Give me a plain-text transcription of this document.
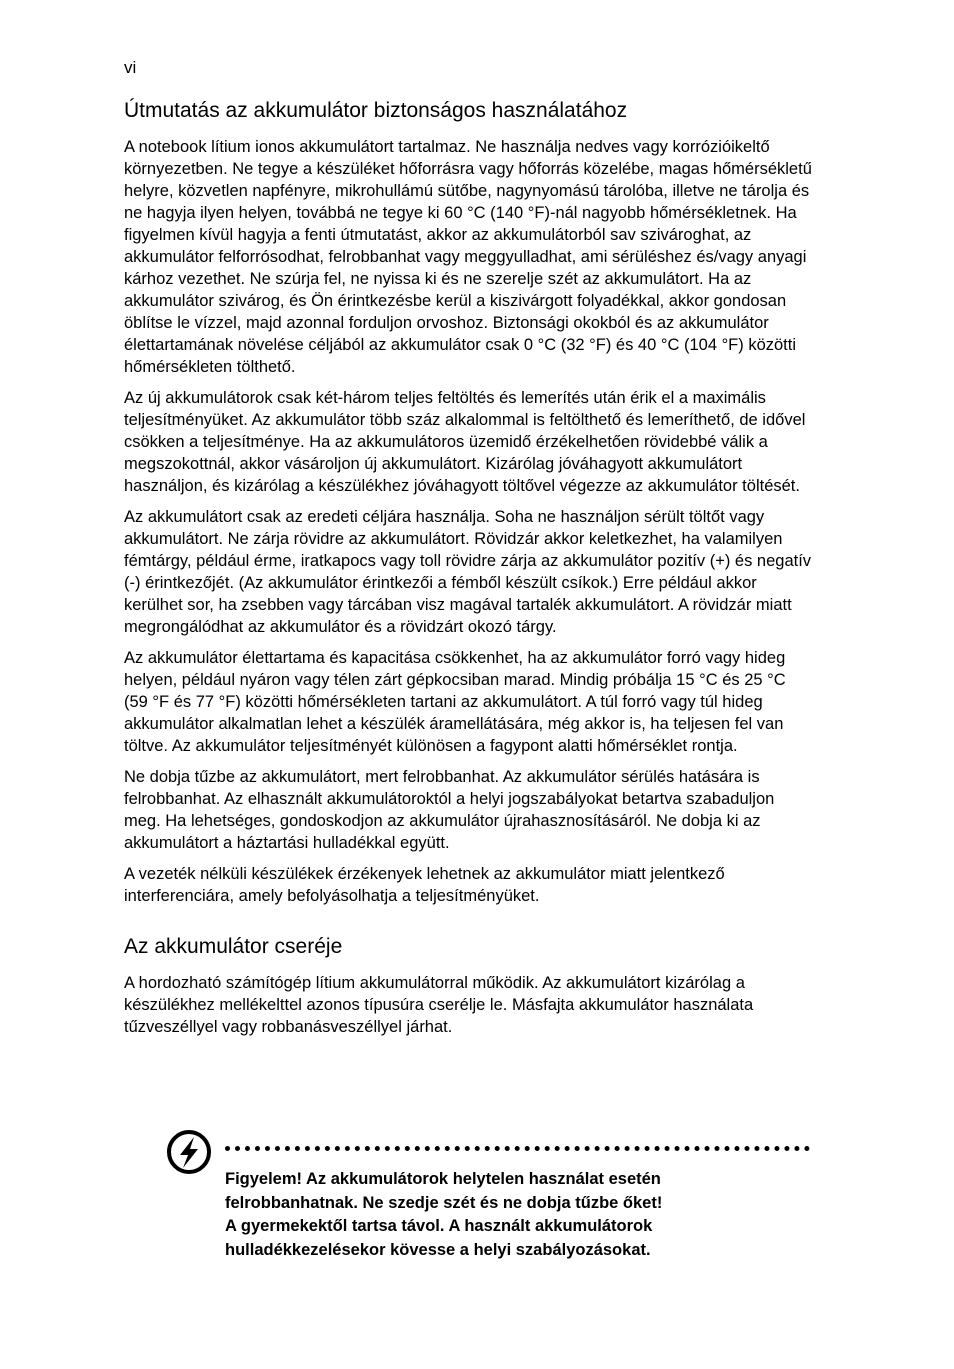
vi
Útmutatás az akkumulátor biztonságos használatához

A notebook lítium ionos akkumulátort tartalmaz. Ne használja nedves vagy korrózióikeltő környezetben. Ne tegye a készüléket hőforrásra vagy hőforrás közelébe, magas hőmérsékletű helyre, közvetlen napfényre, mikrohullámú sütőbe, nagynyomású tárolóba, illetve ne tárolja és ne hagyja ilyen helyen, továbbá ne tegye ki 60 °C (140 °F)-nál nagyobb hőmérsékletnek. Ha figyelmen kívül hagyja a fenti útmutatást, akkor az akkumulátorból sav szivároghat, az akkumulátor felforrósodhat, felrobbanhat vagy meggyulladhat, ami sérüléshez és/vagy anyagi kárhoz vezethet. Ne szúrja fel, ne nyissa ki és ne szerelje szét az akkumulátort. Ha az akkumulátor szivárog, és Ön érintkezésbe kerül a kiszivárgott folyadékkal, akkor gondosan öblítse le vízzel, majd azonnal forduljon orvoshoz. Biztonsági okokból és az akkumulátor élettartamának növelése céljából az akkumulátor csak 0 °C (32 °F) és 40 °C (104 °F) közötti hőmérsékleten tölthető.

Az új akkumulátorok csak két-három teljes feltöltés és lemerítés után érik el a maximális teljesítményüket. Az akkumulátor több száz alkalommal is feltölthető és lemeríthető, de idővel csökken a teljesítménye. Ha az akkumulátoros üzemidő érzékelhetően rövidebbé válik a megszokottnál, akkor vásároljon új akkumulátort. Kizárólag jóváhagyott akkumulátort használjon, és kizárólag a készülékhez jóváhagyott töltővel végezze az akkumulátor töltését.

Az akkumulátort csak az eredeti céljára használja. Soha ne használjon sérült töltőt vagy akkumulátort. Ne zárja rövidre az akkumulátort. Rövidzár akkor keletkezhet, ha valamilyen fémtárgy, például érme, iratkapocs vagy toll rövidre zárja az akkumulátor pozitív (+) és negatív (-) érintkezőjét. (Az akkumulátor érintkezői a fémből készült csíkok.) Erre például akkor kerülhet sor, ha zsebben vagy tárcában visz magával tartalék akkumulátort. A rövidzár miatt megrongálódhat az akkumulátor és a rövidzárt okozó tárgy.

Az akkumulátor élettartama és kapacitása csökkenhet, ha az akkumulátor forró vagy hideg helyen, például nyáron vagy télen zárt gépkocsiban marad. Mindig próbálja 15 °C és 25 °C (59 °F és 77 °F) közötti hőmérsékleten tartani az akkumulátort. A túl forró vagy túl hideg akkumulátor alkalmatlan lehet a készülék áramellátására, még akkor is, ha teljesen fel van töltve. Az akkumulátor teljesítményét különösen a fagypont alatti hőmérséklet rontja.

Ne dobja tűzbe az akkumulátort, mert felrobbanhat. Az akkumulátor sérülés hatására is felrobbanhat. Az elhasznált akkumulátoroktól a helyi jogszabályokat betartva szabaduljon meg. Ha lehetséges, gondoskodjon az akkumulátor újrahasznosításáról. Ne dobja ki az akkumulátort a háztartási hulladékkal együtt.

A vezeték nélküli készülékek érzékenyek lehetnek az akkumulátor miatt jelentkező interferenciára, amely befolyásolhatja a teljesítményüket.

Az akkumulátor cseréje

A hordozható számítógép lítium akkumulátorral működik. Az akkumulátort kizárólag a készülékhez mellékelttel azonos típusúra cserélje le. Másfajta akkumulátor használata tűzveszéllyel vagy robbanásveszéllyel járhat.

Figyelem! Az akkumulátorok helytelen használat esetén
felrobbanhatnak. Ne szedje szét és ne dobja tűzbe őket!
A gyermekektől tartsa távol. A használt akkumulátorok
hulladékkezelésekor kövesse a helyi szabályozásokat.
